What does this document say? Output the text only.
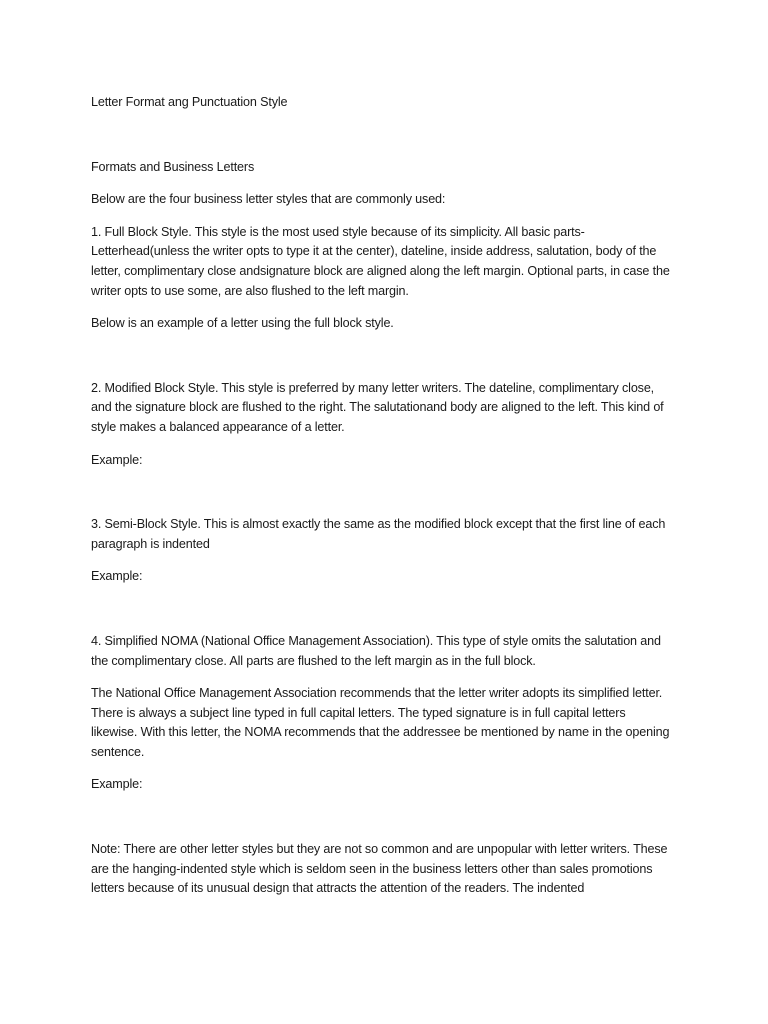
Letter Format ang Punctuation Style

Formats and Business Letters

Below are the four business letter styles that are commonly used:

1. Full Block Style. This style is the most used style because of its simplicity. All basic parts- Letterhead(unless the writer opts to type it at the center), dateline, inside address, salutation, body of the letter, complimentary close andsignature block are aligned along the left margin. Optional parts, in case the writer opts to use some, are also flushed to the left margin.

Below is an example of a letter using the full block style.

2. Modified Block Style. This style is preferred by many letter writers. The dateline, complimentary close, and the signature block are flushed to the right. The salutationand body are aligned to the left. This kind of style makes a balanced appearance of a letter.

Example:

3. Semi-Block Style. This is almost exactly the same as the modified block except that the first line of each paragraph is indented

Example:

4. Simplified NOMA (National Office Management Association). This type of style omits the salutation and the complimentary close. All parts are flushed to the left margin as in the full block.

The National Office Management Association recommends that the letter writer adopts its simplified letter. There is always a subject line typed in full capital letters. The typed signature is in full capital letters likewise. With this letter, the NOMA recommends that the addressee be mentioned by name in the opening sentence.

Example:

Note: There are other letter styles but they are not so common and are unpopular with letter writers. These are the hanging-indented style which is seldom seen in the business letters other than sales promotions letters because of its unusual design that attracts the attention of the readers. The indented
